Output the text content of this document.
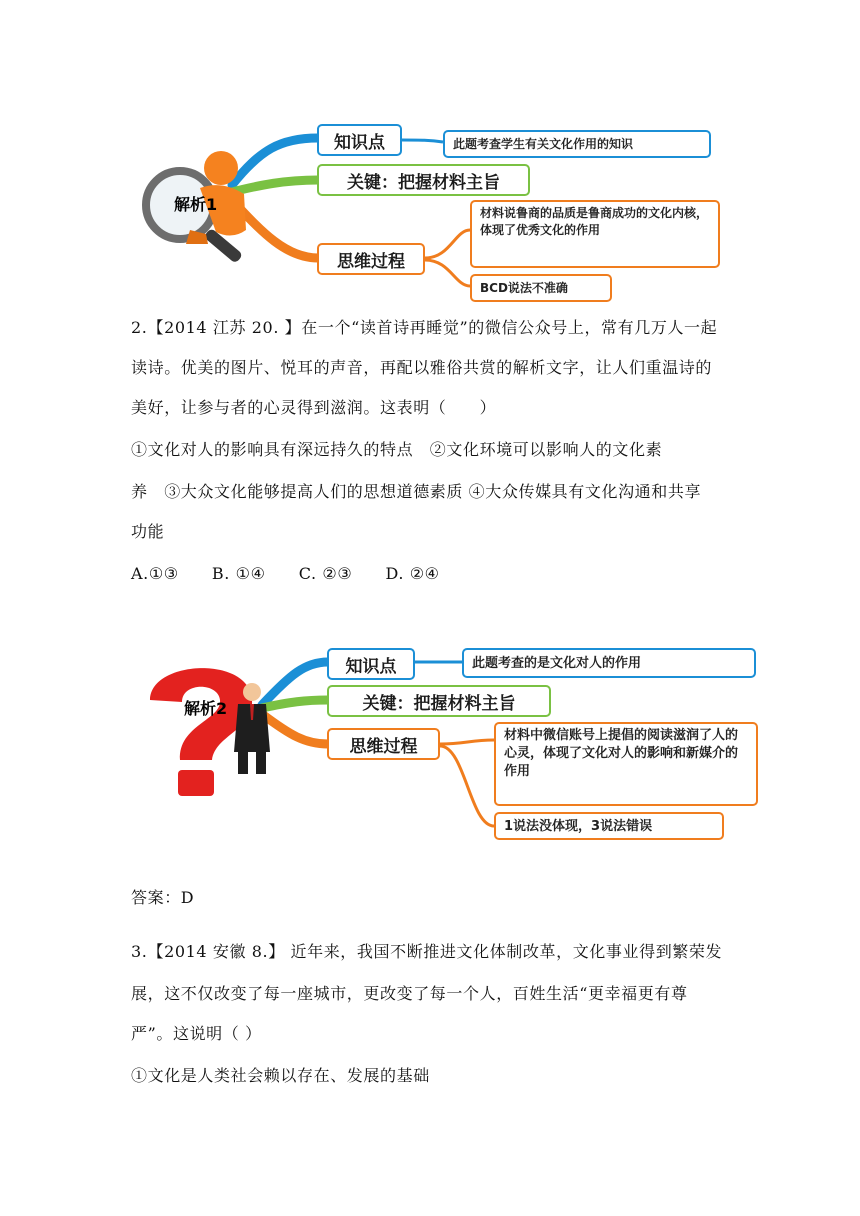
解析1
知识点	此题考查学生有关文化作用的知识
关键：把握材料主旨
思维过程
材料说鲁商的品质是鲁商成功的文化内核，体现了优秀文化的作用
BCD说法不准确
2.【2014 江苏 20. 】在一个“读首诗再睡觉”的微信公众号上，常有几万人一起
读诗。优美的图片、悦耳的声音，再配以雅俗共赏的解析文字，让人们重温诗的
美好，让参与者的心灵得到滋润。这表明（　　）
①文化对人的影响具有深远持久的特点　②文化环境可以影响人的文化素
养　③大众文化能够提高人们的思想道德素质 ④大众传媒具有文化沟通和共享
功能
A.①③　　B. ①④　　C. ②③　　D. ②④
解析2
知识点	此题考查的是文化对人的作用
关键：把握材料主旨
思维过程
材料中微信账号上提倡的阅读滋润了人的心灵，体现了文化对人的影响和新媒介的作用
1说法没体现，3说法错误
答案：D
3.【2014 安徽 8.】 近年来，我国不断推进文化体制改革，文化事业得到繁荣发
展，这不仅改变了每一座城市，更改变了每一个人，百姓生活“更幸福更有尊
严”。这说明（ ）
①文化是人类社会赖以存在、发展的基础
